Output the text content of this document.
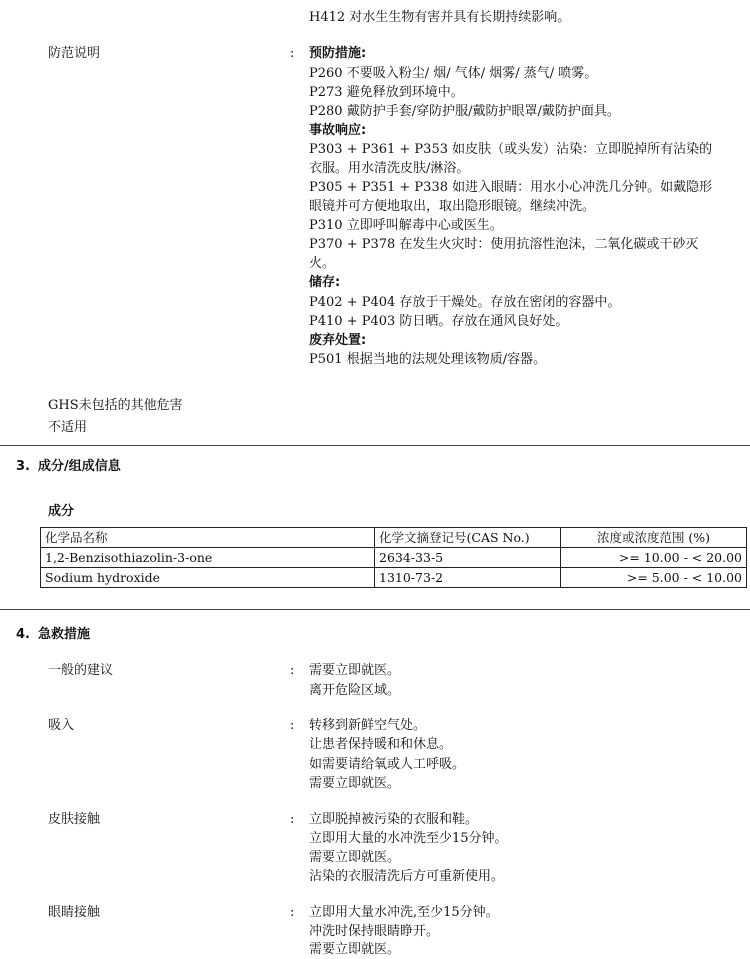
H412 对水生生物有害并具有长期持续影响。
防范说明	: 预防措施:
P260 不要吸入粉尘/ 烟/ 气体/ 烟雾/ 蒸气/ 喷雾。
P273 避免释放到环境中。
P280 戴防护手套/穿防护服/戴防护眼罩/戴防护面具。
事故响应:
P303 + P361 + P353 如皮肤（或头发）沾染：立即脱掉所有沾染的
衣服。用水清洗皮肤/淋浴。
P305 + P351 + P338 如进入眼睛：用水小心冲洗几分钟。如戴隐形
眼镜并可方便地取出，取出隐形眼镜。继续冲洗。
P310 立即呼叫解毒中心或医生。
P370 + P378 在发生火灾时：使用抗溶性泡沫，二氧化碳或干砂灭
火。
储存:
P402 + P404 存放于干燥处。存放在密闭的容器中。
P410 + P403 防日晒。存放在通风良好处。
废弃处置:
P501 根据当地的法规处理该物质/容器。
GHS未包括的其他危害
不适用
3. 成分/组成信息
成分
化学品名称	化学文摘登记号(CAS No.)	浓度或浓度范围 (%)
1,2-Benzisothiazolin-3-one	2634-33-5	>= 10.00 - < 20.00
Sodium hydroxide	1310-73-2	>= 5.00 - < 10.00
4. 急救措施
一般的建议	: 需要立即就医。
离开危险区域。
吸入	: 转移到新鲜空气处。
让患者保持暖和和休息。
如需要请给氧或人工呼吸。
需要立即就医。
皮肤接触	: 立即脱掉被污染的衣服和鞋。
立即用大量的水冲洗至少15分钟。
需要立即就医。
沾染的衣服清洗后方可重新使用。
眼睛接触	: 立即用大量水冲洗,至少15分钟。
冲洗时保持眼睛睁开。
需要立即就医。
